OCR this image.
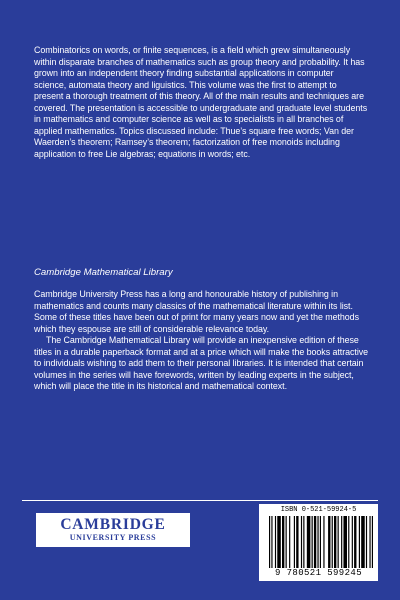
Combinatorics on words, or finite sequences, is a field which grew simultaneously within disparate branches of mathematics such as group theory and probability. It has grown into an independent theory finding substantial applications in computer science, automata theory and liguistics. This volume was the first to attempt to present a thorough treatment of this theory. All of the main results and techniques are covered. The presentation is accessible to undergraduate and graduate level students in mathematics and computer science as well as to specialists in all branches of applied mathematics. Topics discussed include: Thue’s square free words; Van der Waerden’s theorem; Ramsey’s theorem; factorization of free monoids including application to free Lie algebras; equations in words; etc.

Cambridge Mathematical Library

Cambridge University Press has a long and honourable history of publishing in mathematics and counts many classics of the mathematical literature within its list. Some of these titles have been out of print for many years now and yet the methods which they espouse are still of considerable relevance today.

The Cambridge Mathematical Library will provide an inexpensive edition of these titles in a durable paperback format and at a price which will make the books attractive to individuals wishing to add them to their personal libraries. It is intended that certain volumes in the series will have forewords, written by leading experts in the subject, which will place the title in its historical and mathematical context.

CAMBRIDGE
UNIVERSITY PRESS
ISBN 0-521-59924-5
9 780521 599245
